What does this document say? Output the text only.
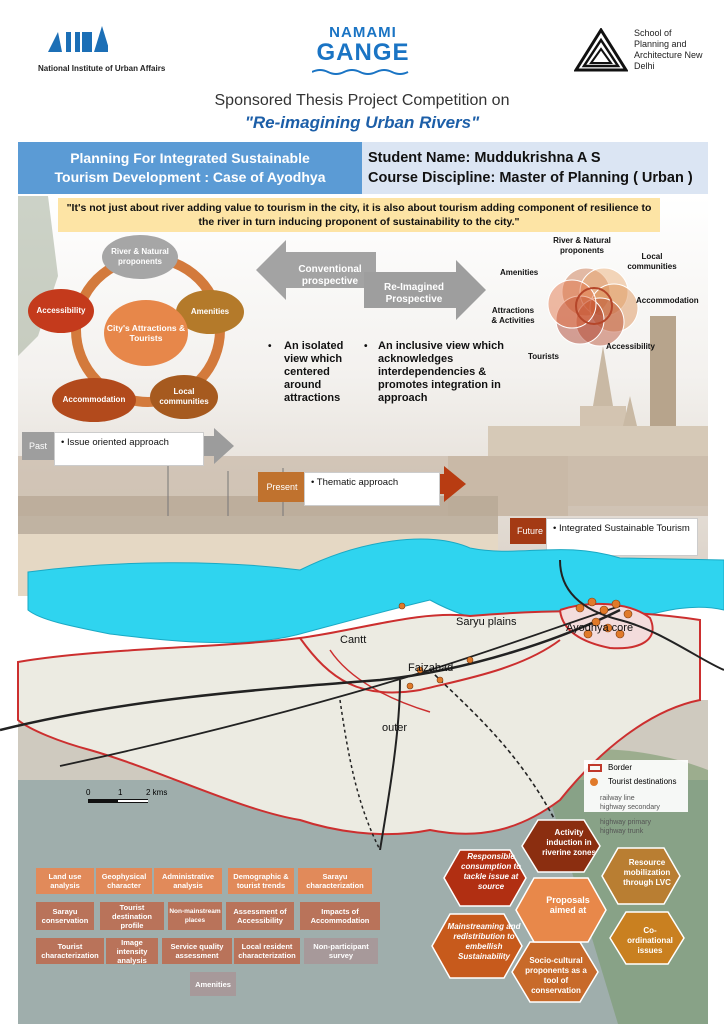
National Institute of Urban Affairs
NAMAMI
GANGE
School of Planning and Architecture New Delhi
Sponsored Thesis Project Competition on
"Re-imagining Urban Rivers"
Planning For Integrated Sustainable Tourism Development : Case of Ayodhya
Student Name: Muddukrishna A S
Course Discipline: Master of Planning ( Urban )
"It's not just about river adding value to tourism in the city, it is also about tourism adding component of resilience to the river in turn inducing proponent of sustainability to the city."
River & Natural proponents
Amenities
Local communities
Accommodation
Accessibility
City's Attractions & Tourists
Conventional prospective
Re-Imagined Prospective
•	An isolated view which centered around attractions
• An inclusive view which acknowledges interdependencies & promotes integration in approach
River & Natural proponents
Local communities
Accommodation
Accessibility
Tourists
Attractions & Activities
Amenities
Past	• Issue oriented approach
Present	• Thematic approach
Future	• Integrated Sustainable Tourism
Saryu plains	Ayodhya core
Cantt
Faizabad
outer
0	1	2 kms
Border
Tourist destinations
railway line
highway secondary
highway primary
highway trunk
Land use analysis
Geophysical character
Administrative analysis
Demographic & tourist trends
Sarayu characterization
Sarayu conservation
Tourist destination profile
Non-mainstream places
Assessment of Accessibility
Impacts of Accommodation
Tourist characterization
Image intensity analysis
Service quality assessment
Local resident characterization
Non-participant survey
Amenities
Activity induction in riverine zones
Resource mobilization through LVC
Co-ordinational issues
Socio-cultural proponents as a tool of conservation
Mainstreaming and redistribution to embellish Sustainability
Responsible consumption to tackle issue at source
Proposals aimed at
